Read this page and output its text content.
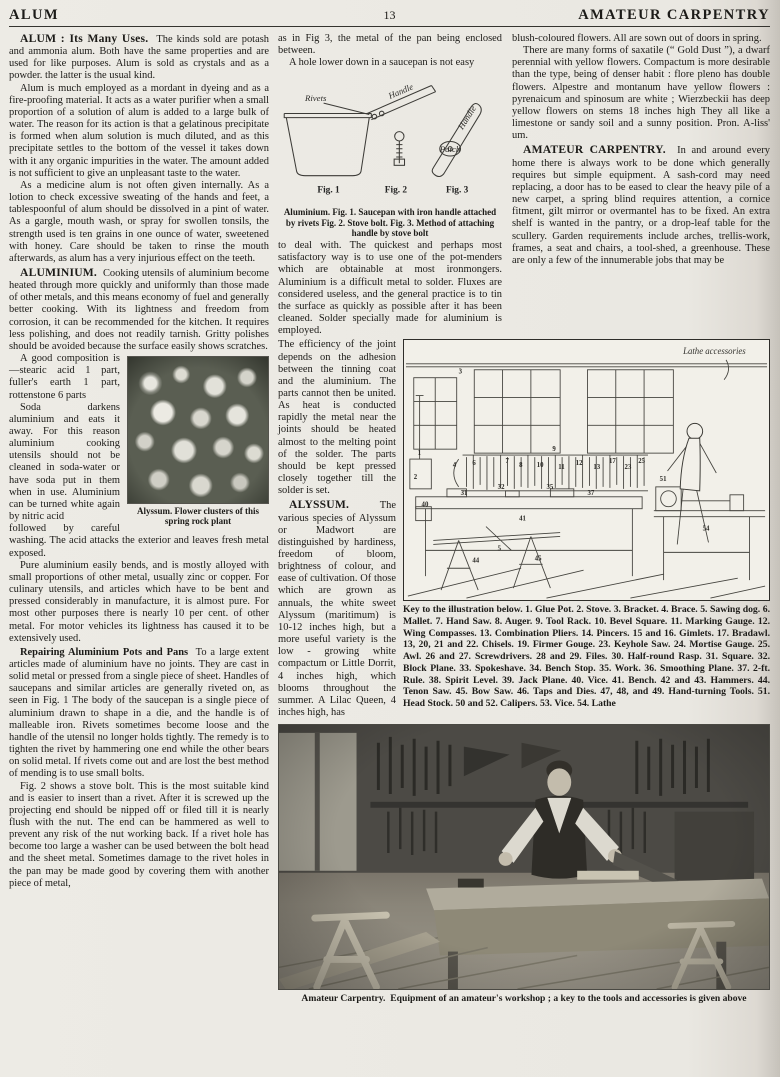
ALUM	13	AMATEUR CARPENTRY

ALUM : Its Many Uses. The kinds sold are potash and ammonia alum. Both have the same properties and are used for like purposes. Alum is sold as crystals and as a powder. the latter is the usual kind.

Alum is much employed as a mordant in dyeing and as a fire-proofing material. It acts as a water purifier when a small proportion of a solution of alum is added to a large bulk of water. The reason for its action is that a gelatinous precipitate is formed when alum solution is much diluted, and as this precipitate settles to the bottom of the vessel it takes down with it any organic impurities in the water. The amount added is not sufficient to give an unpleasant taste to the water.

As a medicine alum is not often given internally. As a lotion to check excessive sweating of the hands and feet, a tablespoonful of alum should be dissolved in a pint of water. As a gargle, mouth wash, or spray for swollen tonsils, the strength used is ten grains in one ounce of water, sweetened with honey. Care should be taken to rinse the mouth afterwards, as alum has a very injurious effect on the teeth.

ALUMINIUM. Cooking utensils of aluminium become heated through more quickly and uniformly than those made of other metals, and this means economy of fuel and generally better cooking. With its lightness and freedom from corrosion, it can be recommended for the kitchen. It requires less polishing, and does not readily tarnish. Gritty polishes should be avoided because the surface easily shows scratches.

Alyssum. Flower clusters of this spring rock plant

A good composition is—stearic acid 1 part, fuller's earth 1 part, rottenstone 6 parts

Soda darkens aluminium and eats it away. For this reason aluminium cooking utensils should not be cleaned in soda-water or have soda put in them when in use. Aluminium can be turned white again by nitric acid

followed by careful washing. The acid attacks the exterior and leaves fresh metal exposed.

Pure aluminium easily bends, and is mostly alloyed with small proportions of other metal, usually zinc or copper. For culinary utensils, and articles which have to be bent and pressed considerably in manufacture, it is almost pure. For most other purposes there is nearly 10 per cent. of other metal. For motor vehicles its lightness has caused it to be extensively used.

Repairing Aluminium Pots and Pans To a large extent articles made of aluminium have no joints. They are cast in solid metal or pressed from a single piece of sheet. Handles of saucepans and similar articles are generally riveted on, as seen in Fig. 1 The body of the saucepan is a single piece of aluminium drawn to shape in a die, and the handle is of malleable iron. Rivets sometimes become loose and the handle of the utensil no longer holds tightly. The remedy is to tighten the rivet by hammering one end while the other bears on solid metal. If rivets come out and are lost the best method of mending is to use small bolts.

Fig. 2 shows a stove bolt. This is the most suitable kind and is easier to insert than a rivet. After it is screwed up the projecting end should be nipped off or filed till it is nearly flush with the nut. The end can be hammered as well to prevent any risk of the nut working back. If a rivet hole has become too large a washer can be used between the bolt head and the sheet metal. Sometimes damage to the rivet holes in the pan may be made good by covering them with another piece of metal,

as in Fig 3, the metal of the pan being enclosed between.

A hole lower down in a saucepan is not easy

Handle
Rivets
Patch
Handle
Fig. 1	Fig. 2	Fig. 3
Aluminium. Fig. 1. Saucepan with iron handle attached by rivets Fig. 2. Stove bolt. Fig. 3. Method of attaching handle by stove bolt

to deal with. The quickest and perhaps most satisfactory way is to use one of the pot-menders which are obtainable at most ironmongers. Aluminium is a difficult metal to solder. Fluxes are considered useless, and the general practice is to tin the surface as quickly as possible after it has been cleaned. Solder specially made for aluminium is employed.

blush-coloured flowers. All are sown out of doors in spring.

There are many forms of saxatile (“ Gold Dust ”), a dwarf perennial with yellow flowers. Compactum is more desirable than the type, being of denser habit : flore pleno has double flowers. Alpestre and montanum have yellow flowers : pyrenaicum and spinosum are white ; Wierzbeckii has deep yellow flowers on stems 18 inches high They all like a limestone or sandy soil and a sunny position. Pron. A-liss' um.

AMATEUR CARPENTRY. In and around every home there is always work to be done which generally requires but simple equipment. A sash-cord may need replacing, a door has to be eased to clear the heavy pile of a new carpet, a spring blind requires attention, a cornice fitment, gilt mirror or overmantel has to be fixed. An extra shelf is wanted in the pantry, or a drop-leaf table for the scullery. Garden requirements include arches, trellis-work, frames, a seat and chairs, a tool-shed, a greenhouse. These are only a few of the innumerable jobs that may be

The efficiency of the joint depends on the adhesion between the tinning coat and the aluminium. The parts cannot then be united. As heat is conducted rapidly the metal near the joints should be heated almost to the melting point of the solder. The parts should be kept pressed closely together till the solder is set.

ALYSSUM.	The various species of Alyssum or Madwort are distinguished by hardiness, freedom of bloom, brightness of colour, and ease of cultivation. Of those which are grown as annuals, the white sweet Alyssum (maritimum) is 10-12 inches high, but a more useful variety is the low - growing white compactum or Little Dorrit, 4 inches high, which blooms throughout the summer. A Lilac Queen, 4 inches high, has

Lathe accessories
1
2
3
4
5
6	7
8
9
10 11
12
13
17
23
25
31
32	35
37
40
41
44	45
51
54

Key to the illustration below. 1. Glue Pot. 2. Stove. 3. Bracket. 4. Brace. 5. Sawing dog. 6. Mallet. 7. Hand Saw. 8. Auger. 9. Tool Rack. 10. Bevel Square. 11. Marking Gauge. 12. Wing Compasses. 13. Combination Pliers. 14. Pincers. 15 and 16. Gimlets. 17. Bradawl. 13, 20, 21 and 22. Chisels. 19. Firmer Gouge. 23. Keyhole Saw. 24. Mortise Gauge. 25. Awl. 26 and 27. Screwdrivers. 28 and 29. Files. 30. Half-round Rasp. 31. Square. 32. Block Plane. 33. Spokeshave. 34. Bench Stop. 35. Work. 36. Smoothing Plane. 37. 2-ft. Rule. 38. Spirit Level. 39. Jack Plane. 40. Vice. 41. Bench. 42 and 43. Hammers. 44. Tenon Saw. 45. Bow Saw. 46. Taps and Dies. 47, 48, and 49. Hand-turning Tools. 51. Head Stock. 50 and 52. Calipers. 53. Vice. 54. Lathe

Amateur Carpentry. Equipment of an amateur's workshop ; a key to the tools and accessories is given above
